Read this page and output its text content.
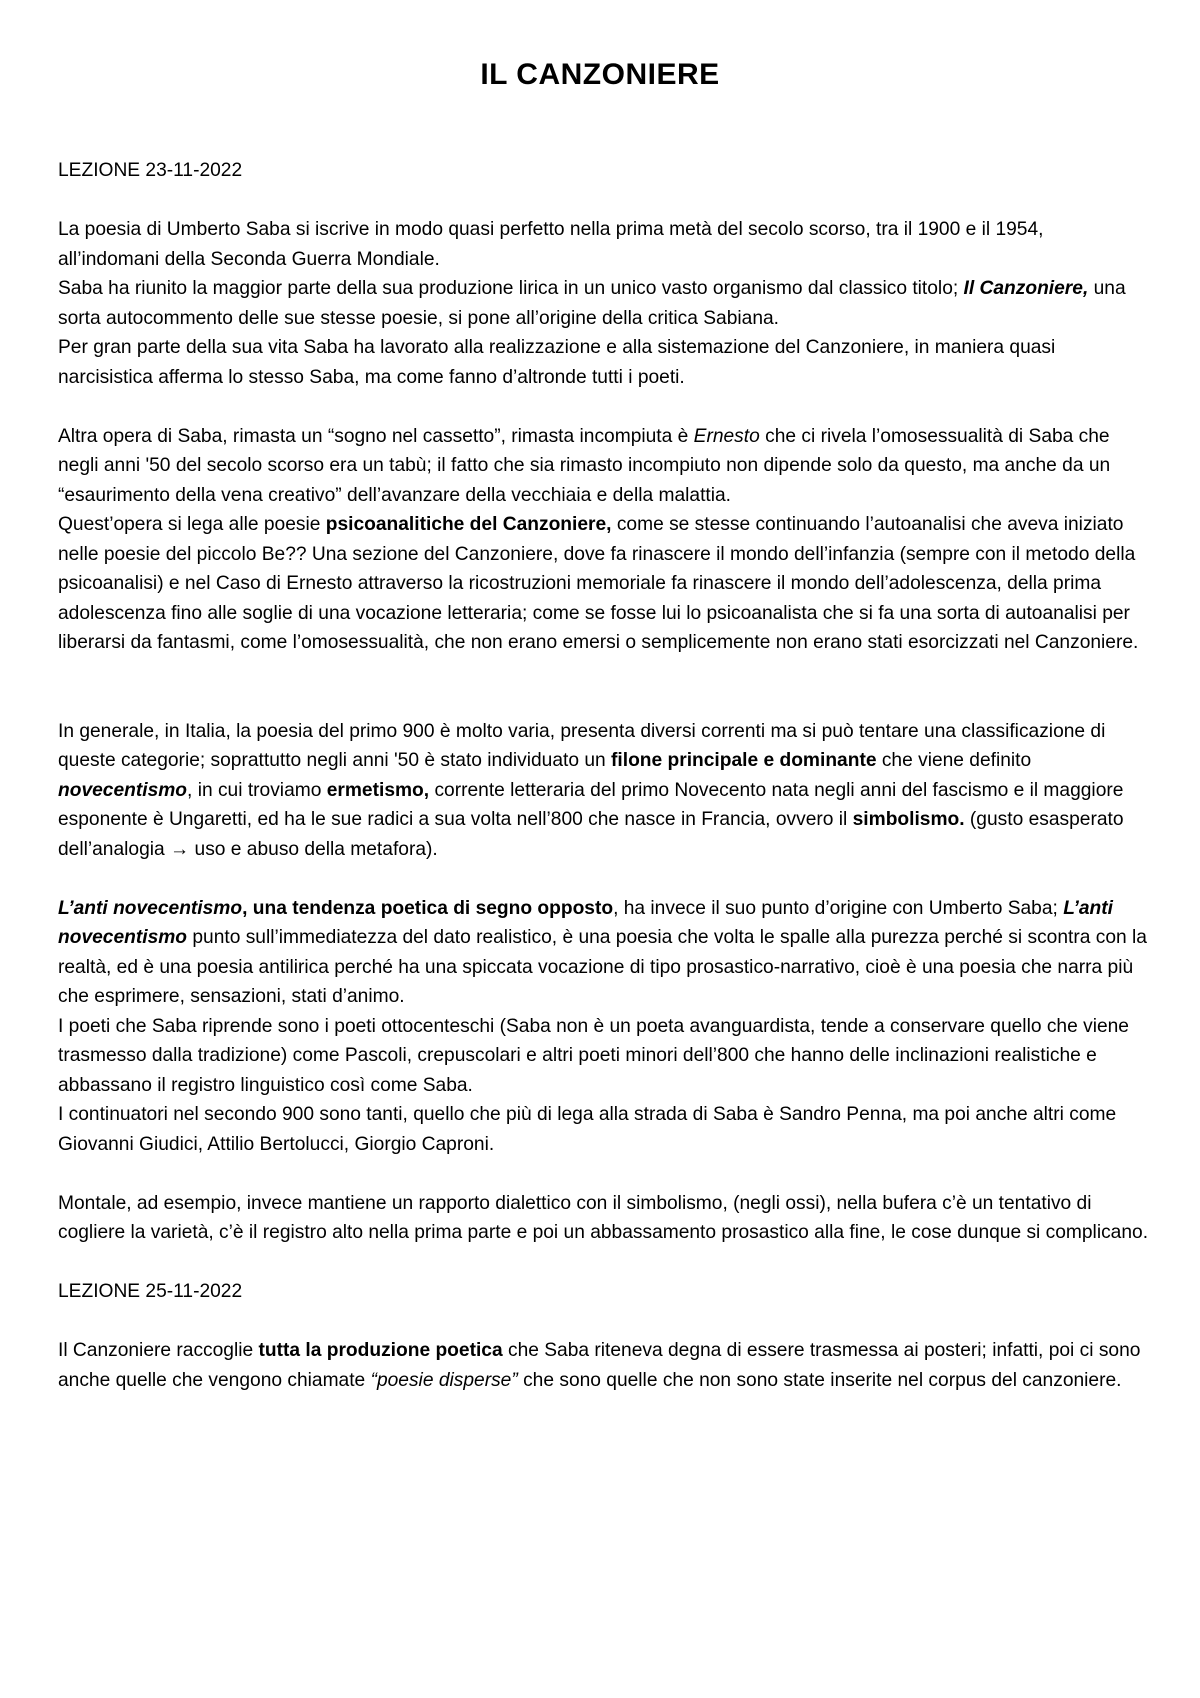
IL CANZONIERE

LEZIONE 23-11-2022

La poesia di Umberto Saba si iscrive in modo quasi perfetto nella prima metà del secolo scorso, tra il 1900 e il 1954, all’indomani della Seconda Guerra Mondiale.

Saba ha riunito la maggior parte della sua produzione lirica in un unico vasto organismo dal classico titolo; Il Canzoniere, una sorta autocommento delle sue stesse poesie, si pone all’origine della critica Sabiana.

Per gran parte della sua vita Saba ha lavorato alla realizzazione e alla sistemazione del Canzoniere, in maniera quasi narcisistica afferma lo stesso Saba, ma come fanno d’altronde tutti i poeti.

Altra opera di Saba, rimasta un “sogno nel cassetto”, rimasta incompiuta è Ernesto che ci rivela l’omosessualità di Saba che negli anni '50 del secolo scorso era un tabù; il fatto che sia rimasto incompiuto non dipende solo da questo, ma anche da un “esaurimento della vena creativo” dell’avanzare della vecchiaia e della malattia.

Quest’opera si lega alle poesie psicoanalitiche del Canzoniere, come se stesse continuando l’autoanalisi che aveva iniziato nelle poesie del piccolo Be?? Una sezione del Canzoniere, dove fa rinascere il mondo dell’infanzia (sempre con il metodo della psicoanalisi) e nel Caso di Ernesto attraverso la ricostruzioni memoriale fa rinascere il mondo dell’adolescenza, della prima adolescenza fino alle soglie di una vocazione letteraria; come se fosse lui lo psicoanalista che si fa una sorta di autoanalisi per liberarsi da fantasmi, come l’omosessualità, che non erano emersi o semplicemente non erano stati esorcizzati nel Canzoniere.

In generale, in Italia, la poesia del primo 900 è molto varia, presenta diversi correnti ma si può tentare una classificazione di queste categorie; soprattutto negli anni '50 è stato individuato un filone principale e dominante che viene definito novecentismo, in cui troviamo ermetismo, corrente letteraria del primo Novecento nata negli anni del fascismo e il maggiore esponente è Ungaretti, ed ha le sue radici a sua volta nell’800 che nasce in Francia, ovvero il simbolismo. (gusto esasperato dell’analogia → uso e abuso della metafora).

L’anti novecentismo, una tendenza poetica di segno opposto, ha invece il suo punto d’origine con Umberto Saba; L’anti novecentismo punto sull’immediatezza del dato realistico, è una poesia che volta le spalle alla purezza perché si scontra con la realtà, ed è una poesia antilirica perché ha una spiccata vocazione di tipo prosastico-narrativo, cioè è una poesia che narra più che esprimere, sensazioni, stati d’animo.

I poeti che Saba riprende sono i poeti ottocenteschi (Saba non è un poeta avanguardista, tende a conservare quello che viene trasmesso dalla tradizione) come Pascoli, crepuscolari e altri poeti minori dell’800 che hanno delle inclinazioni realistiche e abbassano il registro linguistico così come Saba.

I continuatori nel secondo 900 sono tanti, quello che più di lega alla strada di Saba è Sandro Penna, ma poi anche altri come Giovanni Giudici, Attilio Bertolucci, Giorgio Caproni.

Montale, ad esempio, invece mantiene un rapporto dialettico con il simbolismo, (negli ossi), nella bufera c’è un tentativo di cogliere la varietà, c’è il registro alto nella prima parte e poi un abbassamento prosastico alla fine, le cose dunque si complicano.

LEZIONE 25-11-2022

Il Canzoniere raccoglie tutta la produzione poetica che Saba riteneva degna di essere trasmessa ai posteri; infatti, poi ci sono anche quelle che vengono chiamate “poesie disperse” che sono quelle che non sono state inserite nel corpus del canzoniere.
